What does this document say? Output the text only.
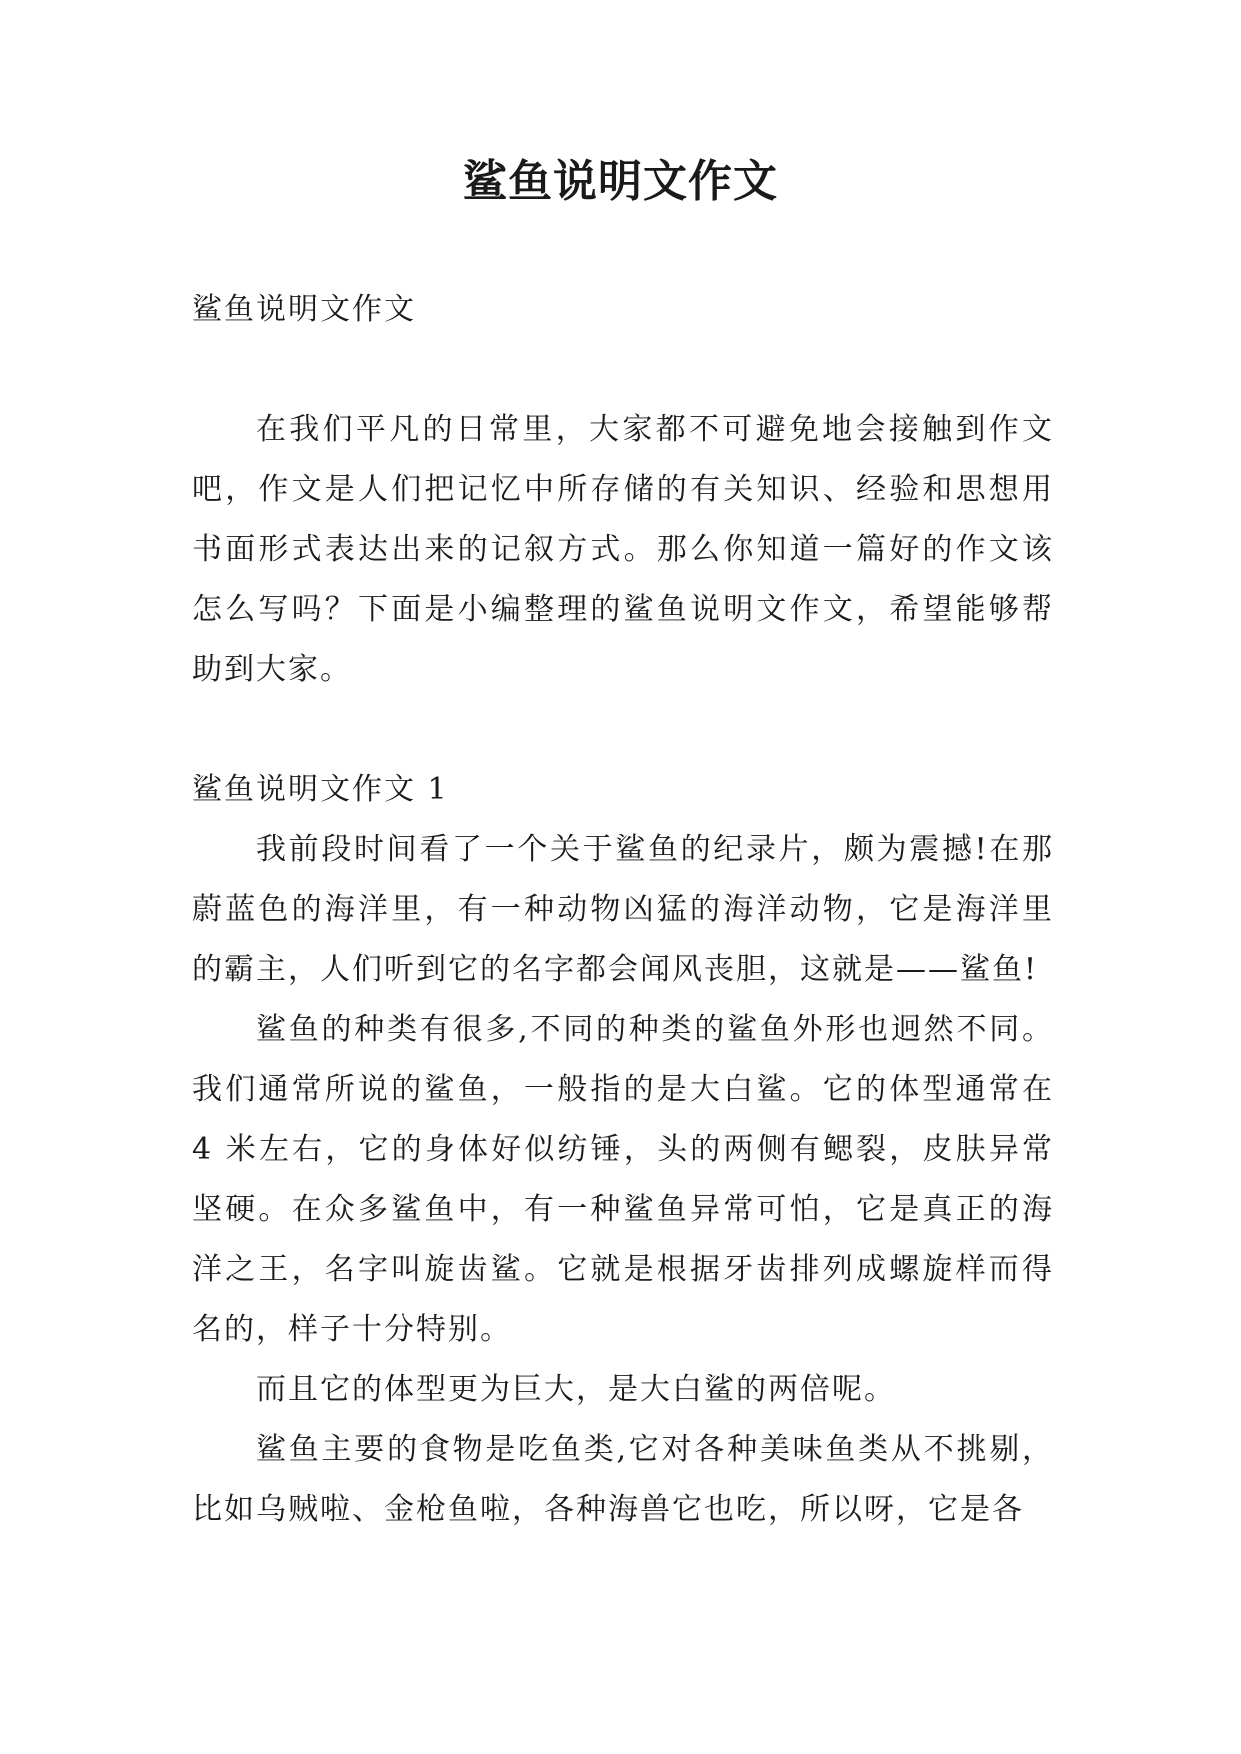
鲨鱼说明文作文

鲨鱼说明文作文

在我们平凡的日常里，大家都不可避免地会接触到作文吧，作文是人们把记忆中所存储的有关知识、经验和思想用书面形式表达出来的记叙方式。那么你知道一篇好的作文该怎么写吗？下面是小编整理的鲨鱼说明文作文，希望能够帮助到大家。

鲨鱼说明文作文 1

我前段时间看了一个关于鲨鱼的纪录片，颇为震撼!在那蔚蓝色的海洋里，有一种动物凶猛的海洋动物，它是海洋里的霸主，人们听到它的名字都会闻风丧胆，这就是——鲨鱼!

鲨鱼的种类有很多,不同的种类的鲨鱼外形也迥然不同。我们通常所说的鲨鱼，一般指的是大白鲨。它的体型通常在 4 米左右，它的身体好似纺锤，头的两侧有鳃裂，皮肤异常坚硬。在众多鲨鱼中，有一种鲨鱼异常可怕，它是真正的海洋之王，名字叫旋齿鲨。它就是根据牙齿排列成螺旋样而得名的，样子十分特别。

而且它的体型更为巨大，是大白鲨的两倍呢。

鲨鱼主要的食物是吃鱼类,它对各种美味鱼类从不挑剔，比如乌贼啦、金枪鱼啦，各种海兽它也吃，所以呀，它是各
